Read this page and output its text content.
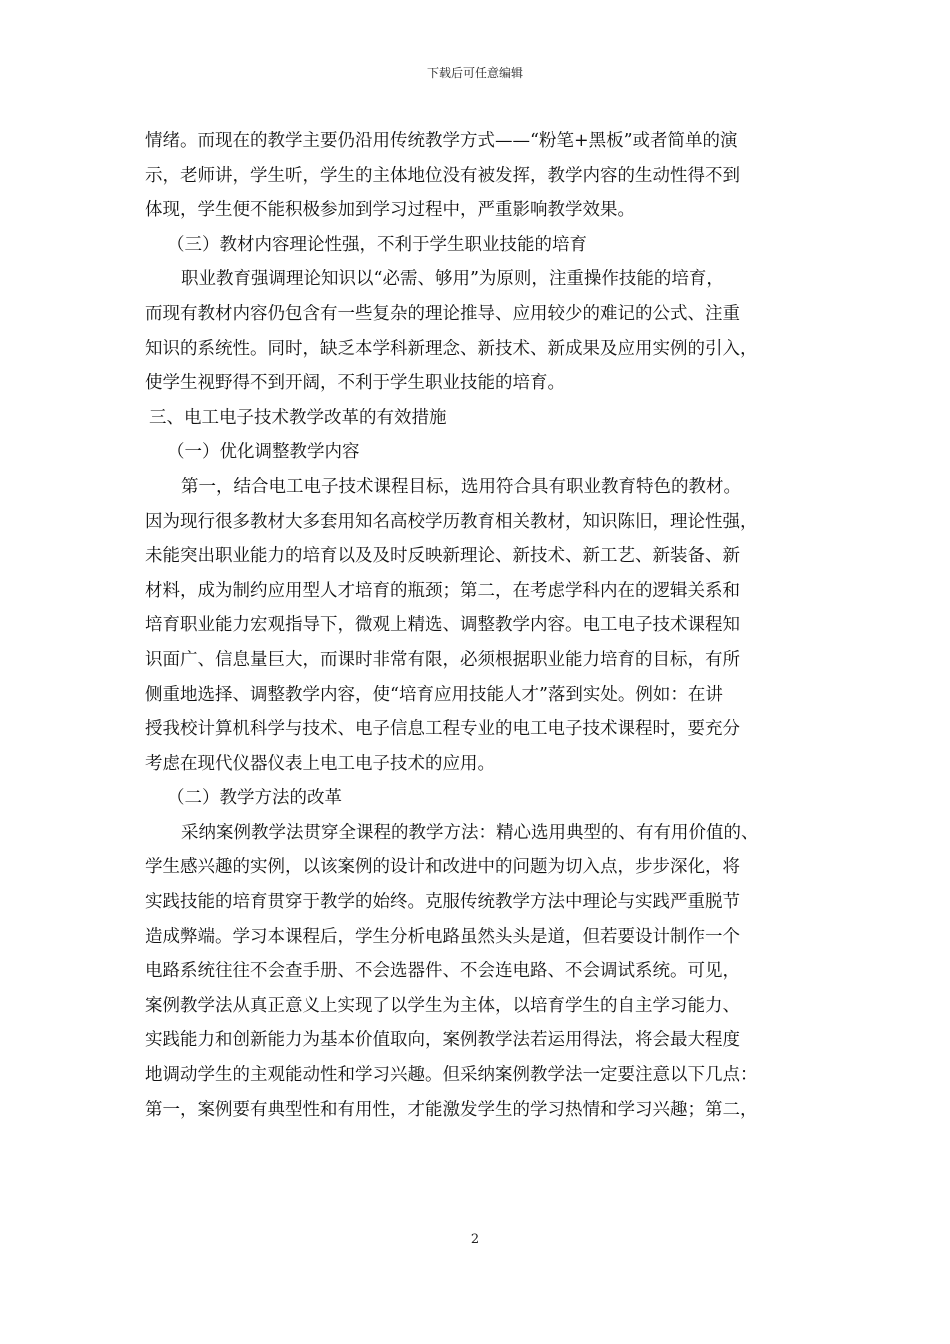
下载后可任意编辑
情绪。而现在的教学主要仍沿用传统教学方式——“粉笔+黑板”或者简单的演
示，老师讲，学生听，学生的主体地位没有被发挥，教学内容的生动性得不到
体现，学生便不能积极参加到学习过程中，严重影响教学效果。
（三）教材内容理论性强，不利于学生职业技能的培育
职业教育强调理论知识以“必需、够用”为原则，注重操作技能的培育，
而现有教材内容仍包含有一些复杂的理论推导、应用较少的难记的公式、注重
知识的系统性。同时，缺乏本学科新理念、新技术、新成果及应用实例的引入，
使学生视野得不到开阔，不利于学生职业技能的培育。
三、电工电子技术教学改革的有效措施
（一）优化调整教学内容
第一，结合电工电子技术课程目标，选用符合具有职业教育特色的教材。
因为现行很多教材大多套用知名高校学历教育相关教材，知识陈旧，理论性强，
未能突出职业能力的培育以及及时反映新理论、新技术、新工艺、新装备、新
材料，成为制约应用型人才培育的瓶颈；第二，在考虑学科内在的逻辑关系和
培育职业能力宏观指导下，微观上精选、调整教学内容。电工电子技术课程知
识面广、信息量巨大，而课时非常有限，必须根据职业能力培育的目标，有所
侧重地选择、调整教学内容，使“培育应用技能人才”落到实处。例如：在讲
授我校计算机科学与技术、电子信息工程专业的电工电子技术课程时，要充分
考虑在现代仪器仪表上电工电子技术的应用。
（二）教学方法的改革
采纳案例教学法贯穿全课程的教学方法：精心选用典型的、有有用价值的、
学生感兴趣的实例，以该案例的设计和改进中的问题为切入点，步步深化，将
实践技能的培育贯穿于教学的始终。克服传统教学方法中理论与实践严重脱节
造成弊端。学习本课程后，学生分析电路虽然头头是道，但若要设计制作一个
电路系统往往不会查手册、不会选器件、不会连电路、不会调试系统。可见，
案例教学法从真正意义上实现了以学生为主体，以培育学生的自主学习能力、
实践能力和创新能力为基本价值取向，案例教学法若运用得法，将会最大程度
地调动学生的主观能动性和学习兴趣。但采纳案例教学法一定要注意以下几点：
第一，案例要有典型性和有用性，才能激发学生的学习热情和学习兴趣；第二，
2
